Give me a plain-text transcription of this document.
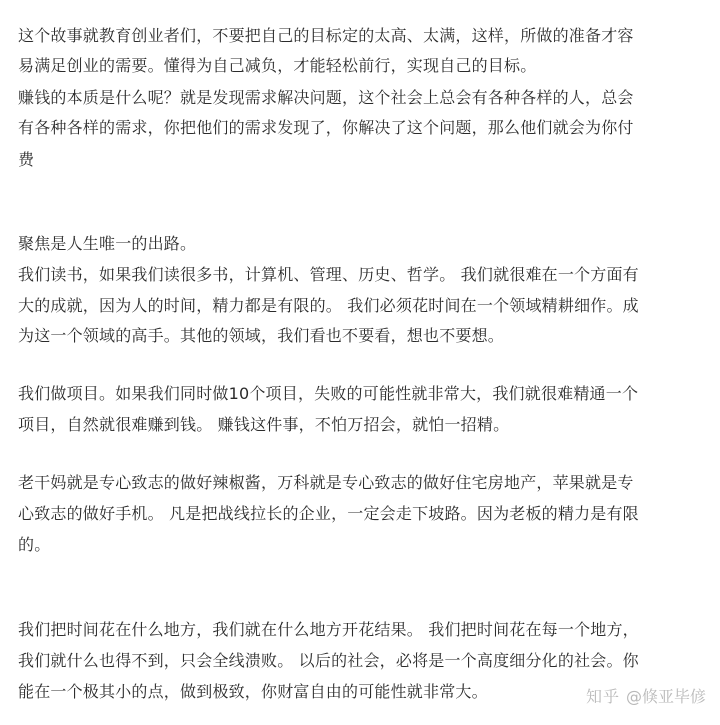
这个故事就教育创业者们，不要把自己的目标定的太高、太满，这样，所做的准备才容
易满足创业的需要。懂得为自己减负，才能轻松前行，实现自己的目标。
赚钱的本质是什么呢？就是发现需求解决问题，这个社会上总会有各种各样的人，总会
有各种各样的需求，你把他们的需求发现了，你解决了这个问题，那么他们就会为你付
费
聚焦是人生唯一的出路。
我们读书，如果我们读很多书，计算机、管理、历史、哲学。 我们就很难在一个方面有
大的成就，因为人的时间，精力都是有限的。 我们必须花时间在一个领域精耕细作。成
为这一个领域的高手。其他的领域，我们看也不要看，想也不要想。
我们做项目。如果我们同时做10个项目，失败的可能性就非常大，我们就很难精通一个
项目，自然就很难赚到钱。 赚钱这件事，不怕万招会，就怕一招精。
老干妈就是专心致志的做好辣椒酱，万科就是专心致志的做好住宅房地产，苹果就是专
心致志的做好手机。 凡是把战线拉长的企业，一定会走下坡路。因为老板的精力是有限
的。
我们把时间花在什么地方，我们就在什么地方开花结果。 我们把时间花在每一个地方，
我们就什么也得不到，只会全线溃败。 以后的社会，必将是一个高度细分化的社会。你
能在一个极其小的点，做到极致，你财富自由的可能性就非常大。	知乎 @倏亚毕偐
